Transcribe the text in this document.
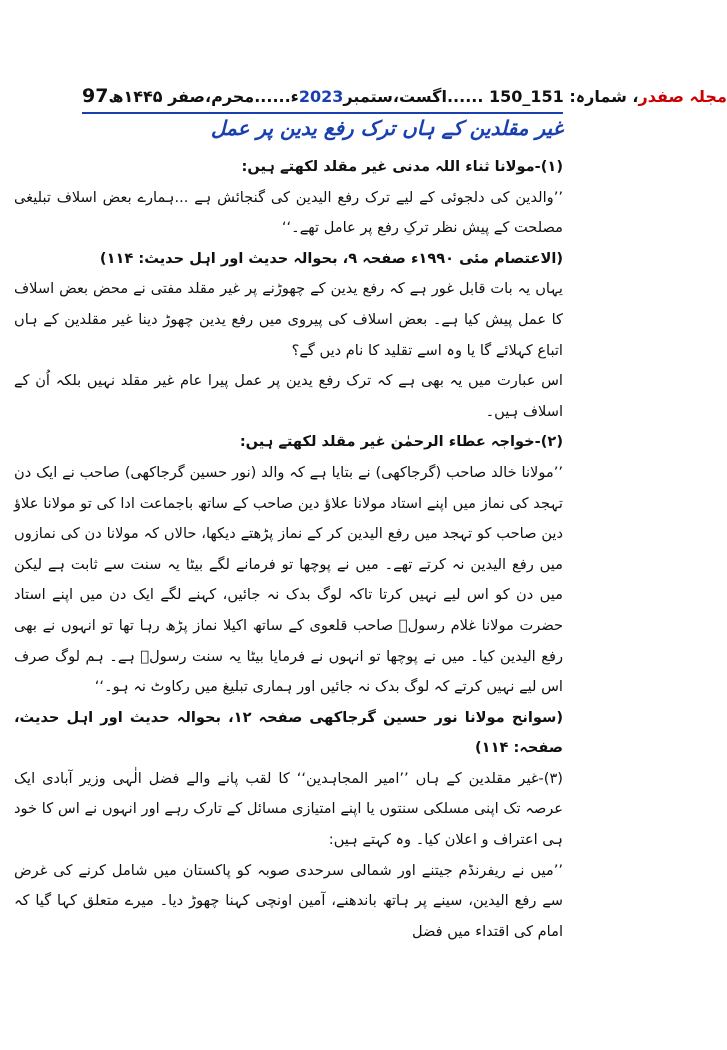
97	مجلہ صفدر، شمارہ: 151_150 ......اگست،ستمبر2023ء......محرم،صفر ۱۴۴۵ھ
غیر مقلدین کے ہاں ترک رفع یدین پر عمل

(۱)-مولانا ثناء اللہ مدنی غیر مقلد لکھتے ہیں:

’’والدین کی دلجوئی کے لیے ترک رفع الیدین کی گنجائش ہے ...ہمارے بعض اسلاف تبلیغی مصلحت کے پیش نظر ترکِ رفع پر عامل تھے۔‘‘

(الاعتصام مئی ۱۹۹۰ء صفحہ ۹، بحوالہ حدیث اور اہل حدیث: ۱۱۴)

یہاں یہ بات قابل غور ہے کہ رفع یدین کے چھوڑنے پر غیر مقلد مفتی نے محض بعض اسلاف کا عمل پیش کیا ہے۔ بعض اسلاف کی پیروی میں رفع یدین چھوڑ دینا غیر مقلدین کے ہاں اتباع کہلائے گا یا وہ اسے تقلید کا نام دیں گے؟

اس عبارت میں یہ بھی ہے کہ ترک رفع یدین پر عمل پیرا عام غیر مقلد نہیں بلکہ اُن کے اسلاف ہیں۔

(۲)-خواجہ عطاء الرحمٰن غیر مقلد لکھتے ہیں:

’’مولانا خالد صاحب (گرجاکھی) نے بتایا ہے کہ والد (نور حسین گرجاکھی) صاحب نے ایک دن تہجد کی نماز میں اپنے استاد مولانا علاؤ دین صاحب کے ساتھ باجماعت ادا کی تو مولانا علاؤ دین صاحب کو تہجد میں رفع الیدین کر کے نماز پڑھتے دیکھا، حالاں کہ مولانا دن کی نمازوں میں رفع الیدین نہ کرتے تھے۔ میں نے پوچھا تو فرمانے لگے بیٹا یہ سنت سے ثابت ہے لیکن میں دن کو اس لیے نہیں کرتا تاکہ لوگ بدک نہ جائیں، کہنے لگے ایک دن میں اپنے استاد حضرت مولانا غلام رسولؒ صاحب قلعوی کے ساتھ اکیلا نماز پڑھ رہا تھا تو انہوں نے بھی رفع الیدین کیا۔ میں نے پوچھا تو انہوں نے فرمایا بیٹا یہ سنت رسولؐ ہے۔ ہم لوگ صرف اس لیے نہیں کرتے کہ لوگ بدک نہ جائیں اور ہماری تبلیغ میں رکاوٹ نہ ہو۔‘‘

(سوانح مولانا نور حسین گرجاکھی صفحہ ۱۲، بحوالہ حدیث اور اہل حدیث، صفحہ: ۱۱۴)

(۳)-غیر مقلدین کے ہاں ’’امیر المجاہدین‘‘ کا لقب پانے والے فضل الٰہی وزیر آبادی ایک عرصہ تک اپنی مسلکی سنتوں یا اپنے امتیازی مسائل کے تارک رہے اور انہوں نے اس کا خود ہی اعتراف و اعلان کیا۔ وہ کہتے ہیں:

’’میں نے ریفرنڈم جیتنے اور شمالی سرحدی صوبہ کو پاکستان میں شامل کرنے کی غرض سے رفع الیدین، سینے پر ہاتھ باندھنے، آمین اونچی کہنا چھوڑ دیا۔ میرے متعلق کہا گیا کہ امام کی اقتداء میں فضل
